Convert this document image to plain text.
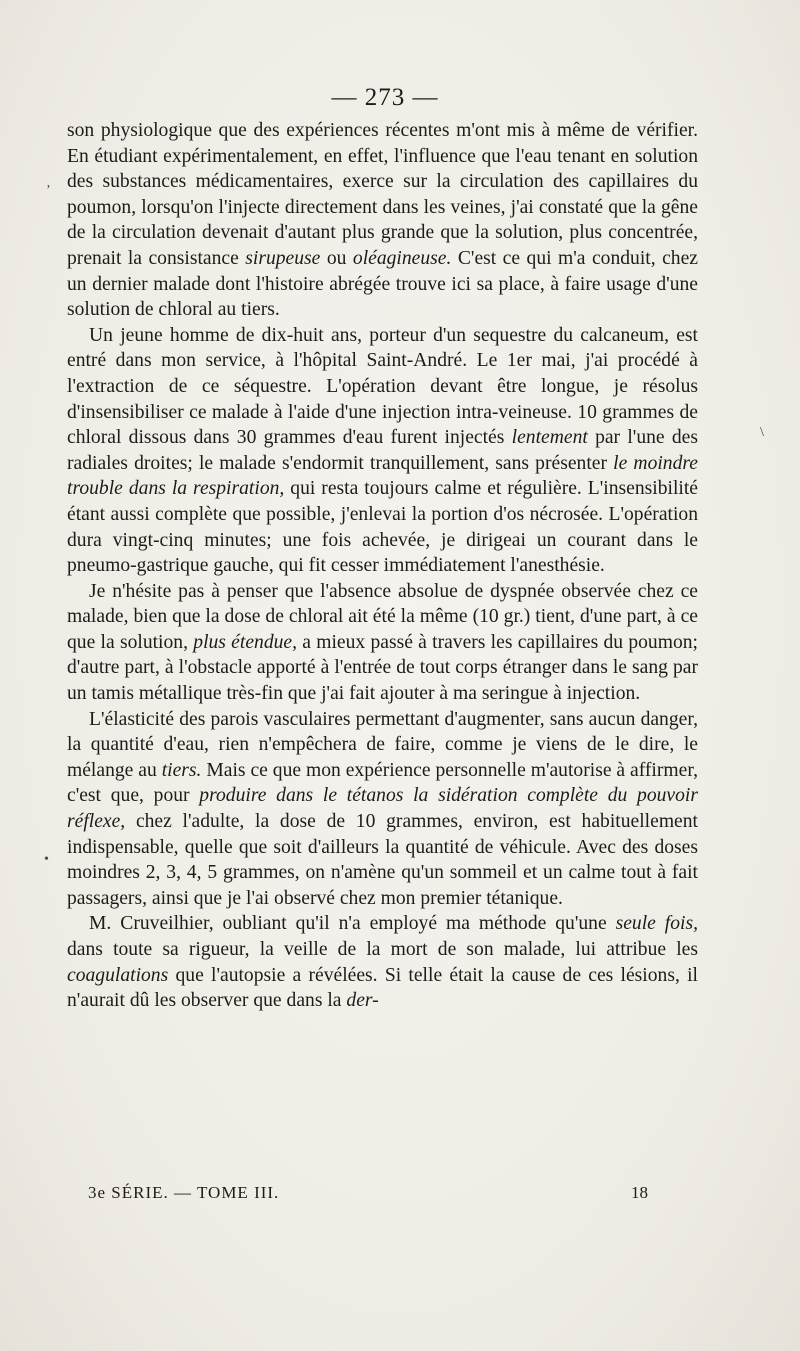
— 273 —

son physiologique que des expériences récentes m'ont mis à même de vérifier. En étudiant expérimentalement, en effet, l'influence que l'eau tenant en solution des substances médicamentaires, exerce sur la circulation des capillaires du poumon, lorsqu'on l'injecte directement dans les veines, j'ai constaté que la gêne de la circulation devenait d'autant plus grande que la solution, plus concentrée, prenait la consistance sirupeuse ou oléagineuse. C'est ce qui m'a conduit, chez un dernier malade dont l'histoire abrégée trouve ici sa place, à faire usage d'une solution de chloral au tiers.

Un jeune homme de dix-huit ans, porteur d'un sequestre du calcaneum, est entré dans mon service, à l'hôpital Saint-André. Le 1er mai, j'ai procédé à l'extraction de ce séquestre. L'opération devant être longue, je résolus d'insensibiliser ce malade à l'aide d'une injection intra-veineuse. 10 grammes de chloral dissous dans 30 grammes d'eau furent injectés lentement par l'une des radiales droites; le malade s'endormit tranquillement, sans présenter le moindre trouble dans la respiration, qui resta toujours calme et régulière. L'insensibilité étant aussi complète que possible, j'enlevai la portion d'os nécrosée. L'opération dura vingt-cinq minutes; une fois achevée, je dirigeai un courant dans le pneumo-gastrique gauche, qui fit cesser immédiatement l'anesthésie.

Je n'hésite pas à penser que l'absence absolue de dyspnée observée chez ce malade, bien que la dose de chloral ait été la même (10 gr.) tient, d'une part, à ce que la solution, plus étendue, a mieux passé à travers les capillaires du poumon; d'autre part, à l'obstacle apporté à l'entrée de tout corps étranger dans le sang par un tamis métallique très-fin que j'ai fait ajouter à ma seringue à injection.

L'élasticité des parois vasculaires permettant d'augmenter, sans aucun danger, la quantité d'eau, rien n'empêchera de faire, comme je viens de le dire, le mélange au tiers. Mais ce que mon expérience personnelle m'autorise à affirmer, c'est que, pour produire dans le tétanos la sidération complète du pouvoir réflexe, chez l'adulte, la dose de 10 grammes, environ, est habituellement indispensable, quelle que soit d'ailleurs la quantité de véhicule. Avec des doses moindres 2, 3, 4, 5 grammes, on n'amène qu'un sommeil et un calme tout à fait passagers, ainsi que je l'ai observé chez mon premier tétanique.

M. Cruveilhier, oubliant qu'il n'a employé ma méthode qu'une seule fois, dans toute sa rigueur, la veille de la mort de son malade, lui attribue les coagulations que l'autopsie a révélées. Si telle était la cause de ces lésions, il n'aurait dû les observer que dans la der-

3e SÉRIE. — TOME III.	18
ʼ
•
\
